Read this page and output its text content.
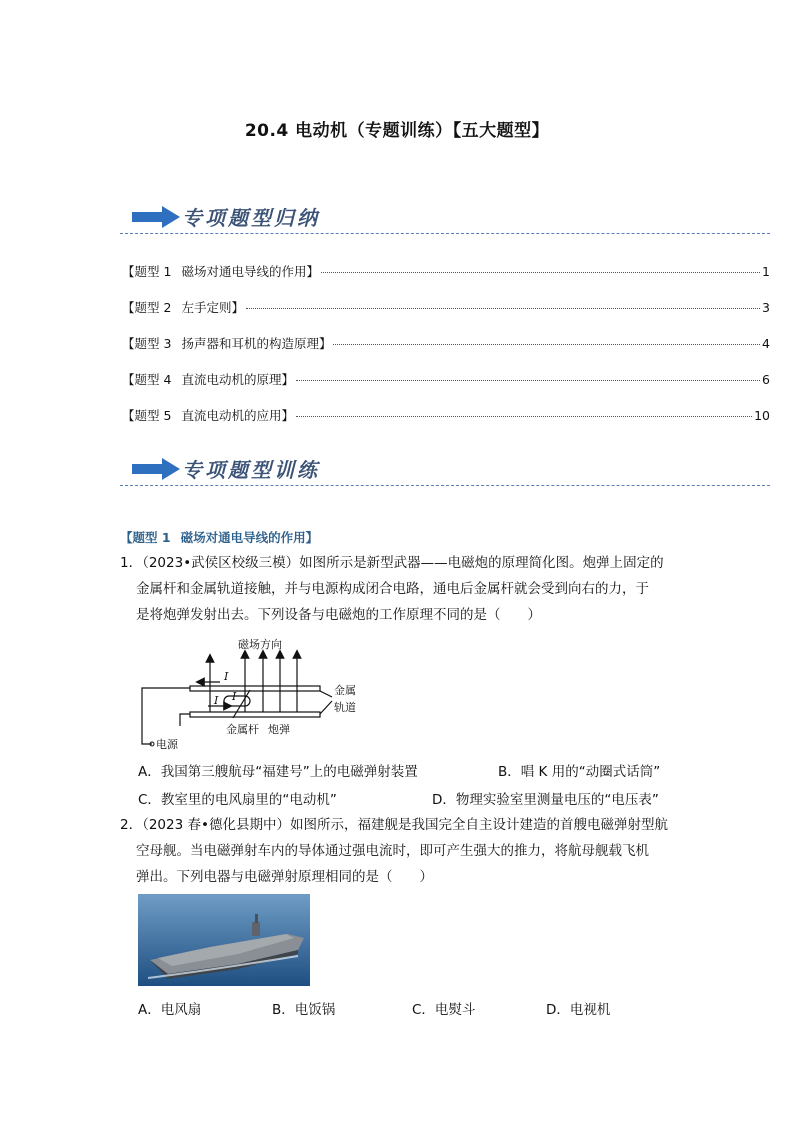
20.4 电动机（专题训练）【五大题型】
专项题型归纳
【题型 1 磁场对通电导线的作用】	1
【题型 2 左手定则】	3
【题型 3 扬声器和耳机的构造原理】	4
【题型 4 直流电动机的原理】	6
【题型 5 直流电动机的应用】	10
专项题型训练
【题型 1 磁场对通电导线的作用】
1．（2023•武侯区校级三模）如图所示是新型武器——电磁炮的原理简化图。炮弹上固定的
金属杆和金属轨道接触，并与电源构成闭合电路，通电后金属杆就会受到向右的力，于
是将炮弹发射出去。下列设备与电磁炮的工作原理不同的是（　　）
磁场方向
I
I I	金属
轨道
金属杆 炮弹
电源
A．我国第三艘航母“福建号”上的电磁弹射装置	B．唱 K 用的“动圈式话筒”
C．教室里的电风扇里的“电动机”	D．物理实验室里测量电压的“电压表”
2．（2023 春•德化县期中）如图所示，福建舰是我国完全自主设计建造的首艘电磁弹射型航
空母舰。当电磁弹射车内的导体通过强电流时，即可产生强大的推力，将航母舰载飞机
弹出。下列电器与电磁弹射原理相同的是（　　）
A．电风扇	B．电饭锅	C．电熨斗	D．电视机
